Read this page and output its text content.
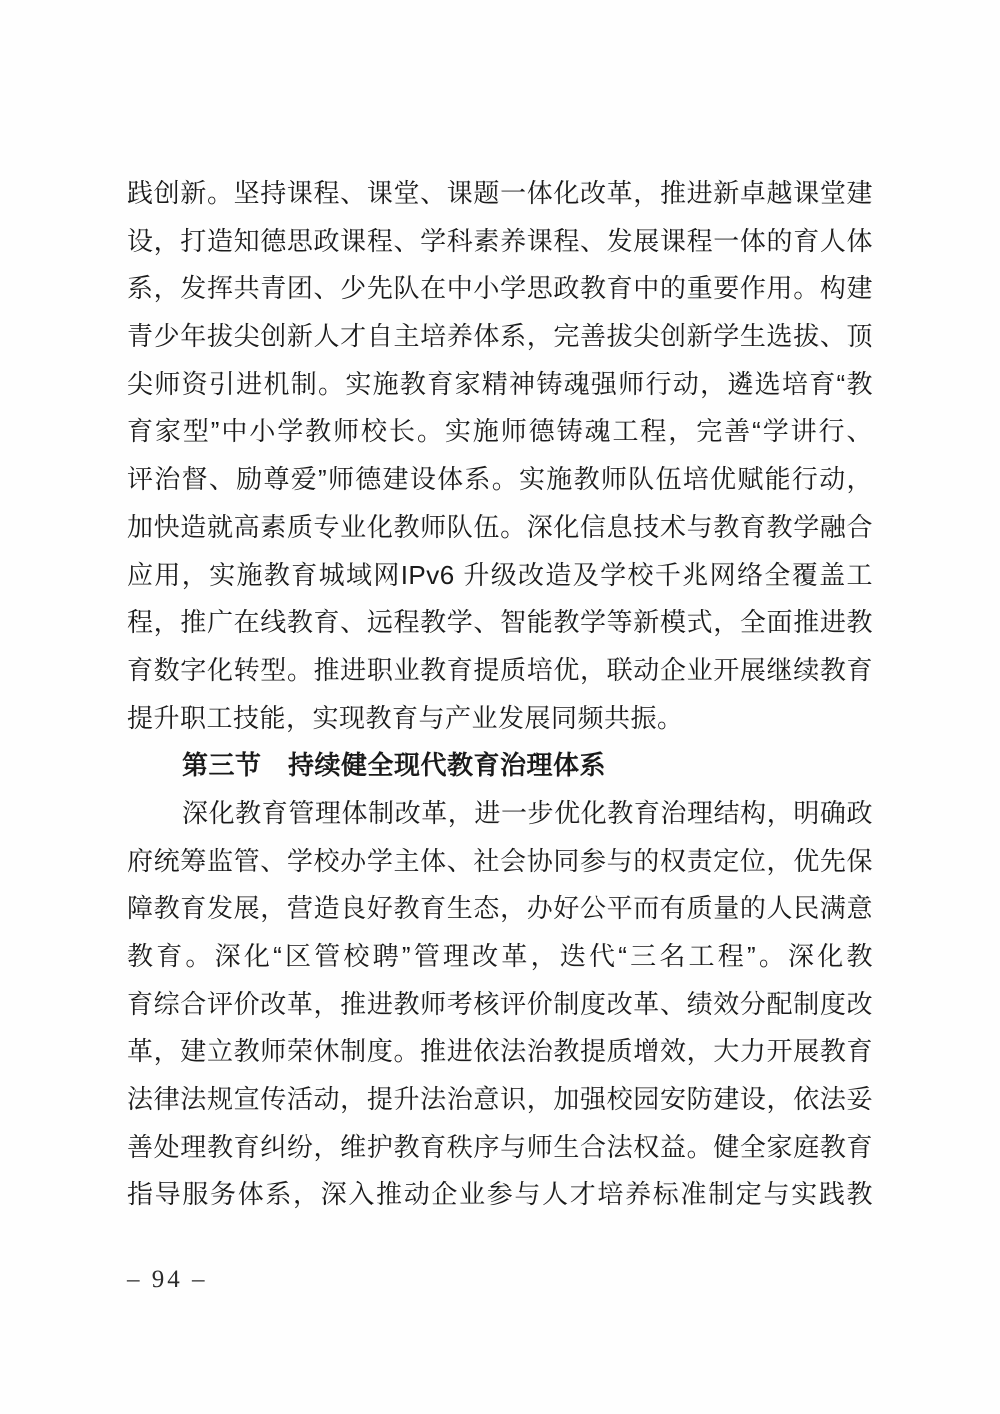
践创新。坚持课程、课堂、课题一体化改革，推进新卓越课堂建
设，打造知德思政课程、学科素养课程、发展课程一体的育人体
系，发挥共青团、少先队在中小学思政教育中的重要作用。构建
青少年拔尖创新人才自主培养体系，完善拔尖创新学生选拔、顶
尖师资引进机制。实施教育家精神铸魂强师行动，遴选培育“教
育家型”中小学教师校长。实施师德铸魂工程，完善“学讲行、
评治督、励尊爱”师德建设体系。实施教师队伍培优赋能行动，
加快造就高素质专业化教师队伍。深化信息技术与教育教学融合
应用，实施教育城域网IPv6 升级改造及学校千兆网络全覆盖工
程，推广在线教育、远程教学、智能教学等新模式，全面推进教
育数字化转型。推进职业教育提质培优，联动企业开展继续教育
提升职工技能，实现教育与产业发展同频共振。
第三节　持续健全现代教育治理体系
深化教育管理体制改革，进一步优化教育治理结构，明确政
府统筹监管、学校办学主体、社会协同参与的权责定位，优先保
障教育发展，营造良好教育生态，办好公平而有质量的人民满意
教育。深化“区管校聘”管理改革，迭代“三名工程”。深化教
育综合评价改革，推进教师考核评价制度改革、绩效分配制度改
革，建立教师荣休制度。推进依法治教提质增效，大力开展教育
法律法规宣传活动，提升法治意识，加强校园安防建设，依法妥
善处理教育纠纷，维护教育秩序与师生合法权益。健全家庭教育
指导服务体系，深入推动企业参与人才培养标准制定与实践教
– 94 –
